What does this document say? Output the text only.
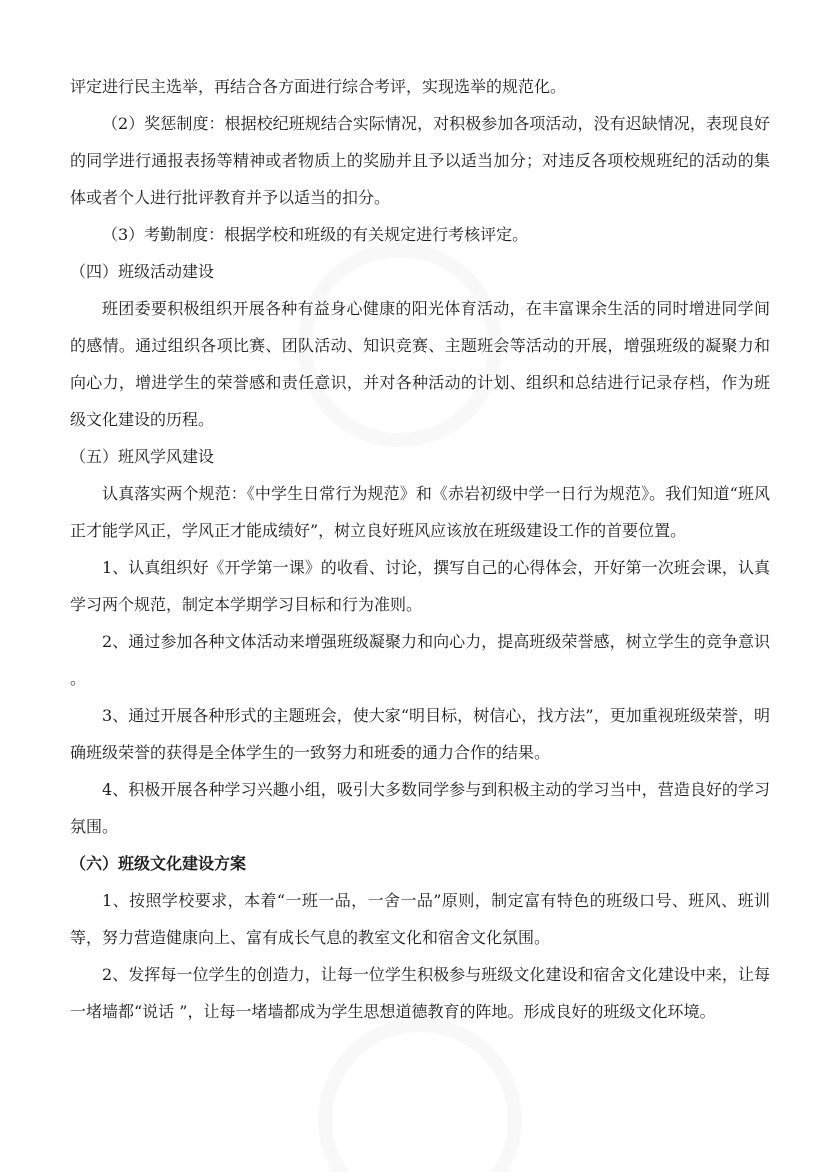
评定进行民主选举，再结合各方面进行综合考评，实现选举的规范化。

（2）奖惩制度：根据校纪班规结合实际情况，对积极参加各项活动，没有迟缺情况，表现良好的同学进行通报表扬等精神或者物质上的奖励并且予以适当加分；对违反各项校规班纪的活动的集体或者个人进行批评教育并予以适当的扣分。

（3）考勤制度：根据学校和班级的有关规定进行考核评定。

（四）班级活动建设

班团委要积极组织开展各种有益身心健康的阳光体育活动，在丰富课余生活的同时增进同学间的感情。通过组织各项比赛、团队活动、知识竞赛、主题班会等活动的开展，增强班级的凝聚力和向心力，增进学生的荣誉感和责任意识，并对各种活动的计划、组织和总结进行记录存档，作为班级文化建设的历程。

（五）班风学风建设

认真落实两个规范：《中学生日常行为规范》和《赤岩初级中学一日行为规范》。我们知道“班风正才能学风正，学风正才能成绩好”，树立良好班风应该放在班级建设工作的首要位置。

1、认真组织好《开学第一课》的收看、讨论，撰写自己的心得体会，开好第一次班会课，认真学习两个规范，制定本学期学习目标和行为准则。

2、通过参加各种文体活动来增强班级凝聚力和向心力，提高班级荣誉感，树立学生的竞争意识 。

3、通过开展各种形式的主题班会，使大家“明目标，树信心，找方法”，更加重视班级荣誉，明确班级荣誉的获得是全体学生的一致努力和班委的通力合作的结果。

4、积极开展各种学习兴趣小组，吸引大多数同学参与到积极主动的学习当中，营造良好的学习氛围。

（六）班级文化建设方案

1、按照学校要求，本着“一班一品，一舍一品”原则，制定富有特色的班级口号、班风、班训等，努力营造健康向上、富有成长气息的教室文化和宿舍文化氛围。

2、发挥每一位学生的创造力，让每一位学生积极参与班级文化建设和宿舍文化建设中来，让每一堵墙都“说话 ”，让每一堵墙都成为学生思想道德教育的阵地。形成良好的班级文化环境。
